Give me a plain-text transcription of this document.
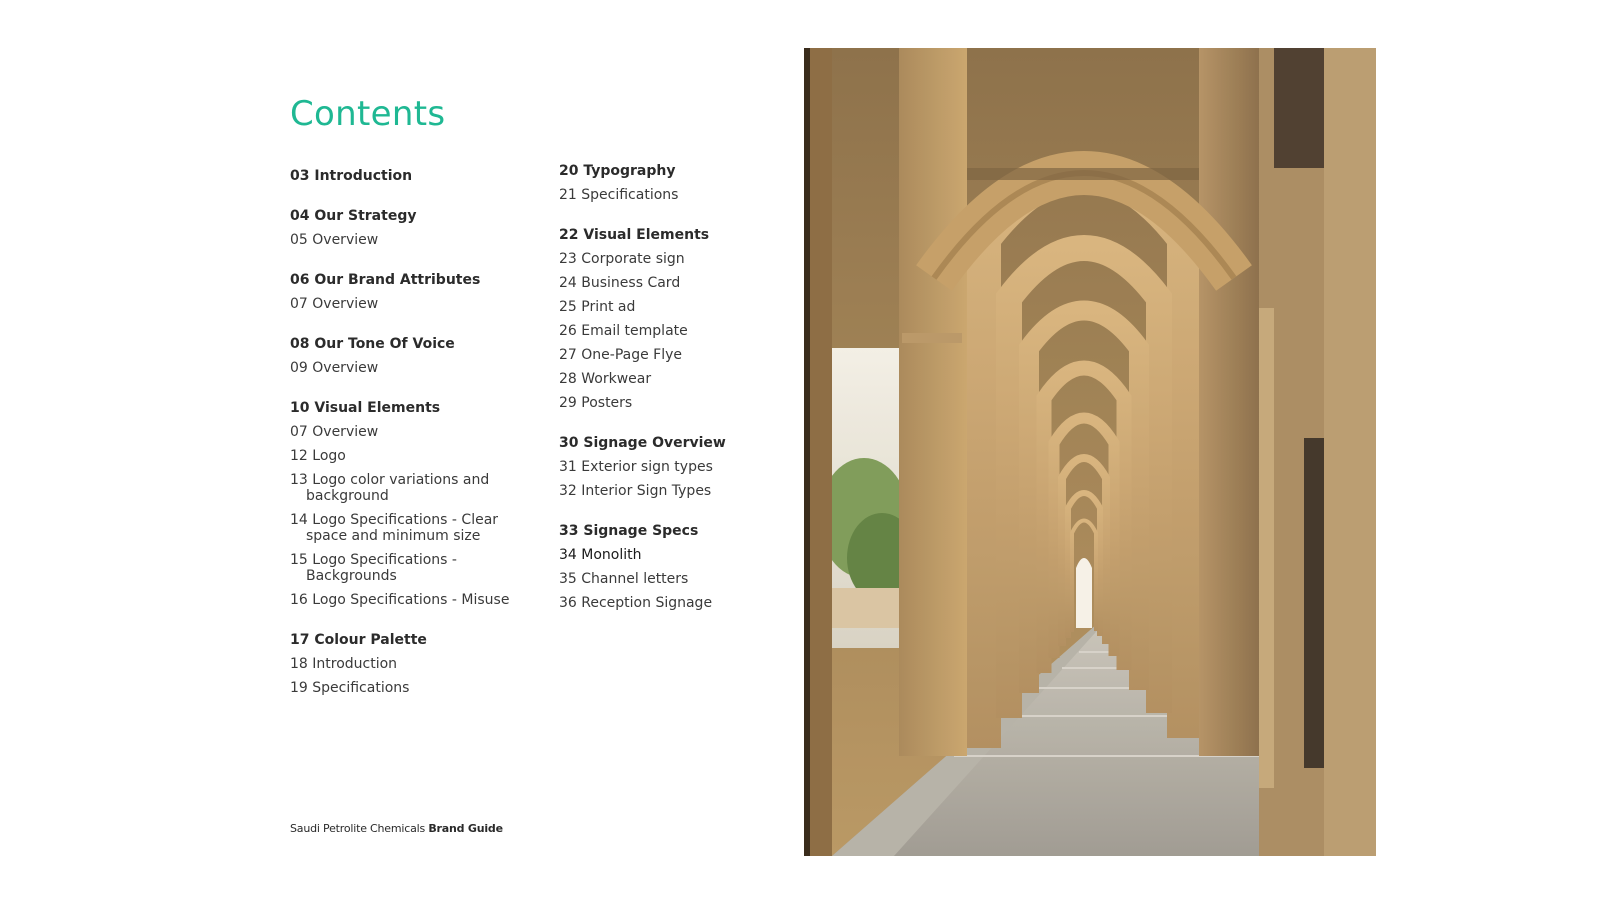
Contents
03 Introduction
04 Our Strategy
05 Overview
06 Our Brand Attributes
07 Overview
08 Our Tone Of Voice
09 Overview
10 Visual Elements
07 Overview
12 Logo
13 Logo color variations and background
14 Logo Specifications - Clear space and minimum size
15 Logo Specifications - Backgrounds
16 Logo Specifications - Misuse
17 Colour Palette
18 Introduction
19 Specifications
20 Typography
21 Specifications
22 Visual Elements
23 Corporate sign
24 Business Card
25 Print ad
26 Email template
27 One-Page Flye
28 Workwear
29 Posters
30 Signage Overview
31 Exterior sign types
32 Interior Sign Types
33 Signage Specs
34 Monolith
35 Channel letters
36 Reception Signage
Saudi Petrolite Chemicals Brand Guide
